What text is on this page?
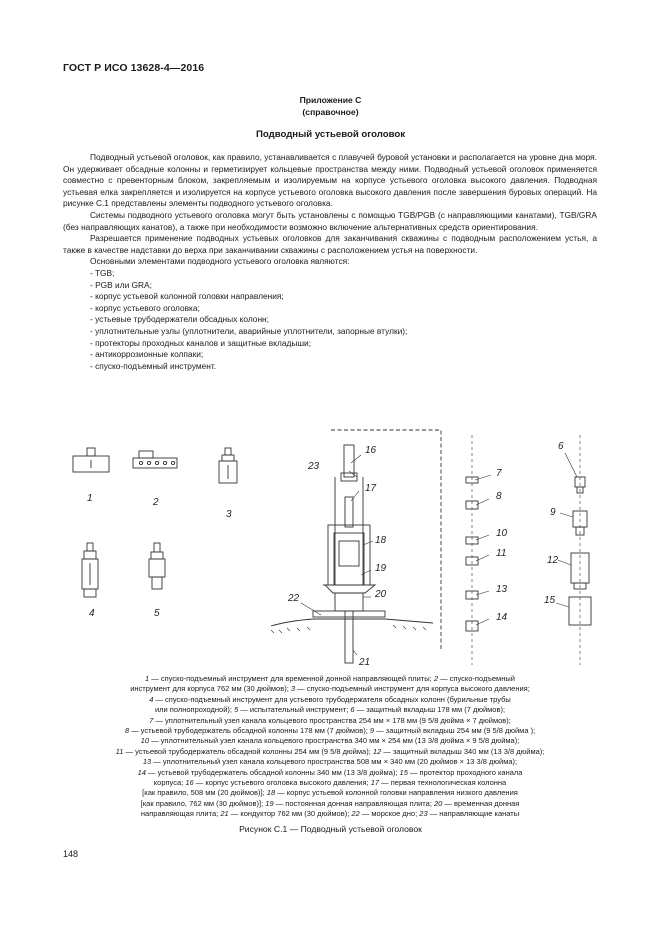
ГОСТ Р ИСО 13628-4—2016
Приложение С
(справочное)
Подводный устьевой оголовок

Подводный устьевой оголовок, как правило, устанавливается с плавучей буровой установки и располагается на уровне дна моря. Он удерживает обсадные колонны и герметизирует кольцевые пространства между ними. Подводный устьевой оголовок применяется совместно с превенторным блоком, закрепляемым и изолируемым на корпусе устьевого оголовка высокого давления. Подводная устьевая елка закрепляется и изолируется на корпусе устьевого оголовка высокого давления после завершения буровых операций. На рисунке С.1 представлены элементы подводного устьевого оголовка.

Системы подводного устьевого оголовка могут быть установлены с помощью TGB/PGB (с направляющими канатами), TGB/GRA (без направляющих канатов), а также при необходимости возможно включение альтернативных средств ориентирования.

Разрешается применение подводных устьевых оголовков для заканчивания скважины с подводным расположением устья, а также в качестве надставки до верха при заканчивании скважины с расположением устья на поверхности.

Основными элементами подводного устьевого оголовка являются:

- TGB;
- PGB или GRA;
- корпус устьевой колонной головки направления;
- корпус устьевого оголовка;
- устьевые трубодержатели обсадных колонн;
- уплотнительные узлы (уплотнители, аварийные уплотнители, запорные втулки);
- протекторы проходных каналов и защитные вкладыши;
- антикоррозионные колпаки;
- спуско-подъемный инструмент.
1	2
3
4	5
6
7
8
9
10
11
12
13
14
15
16
17
18
19
20
21
22
23
1 — спуско-подъемный инструмент для временной донной направляющей плиты; 2 — спуско-подъемный
инструмент для корпуса 762 мм (30 дюймов); 3 — спуско-подъемный инструмент для корпуса высокого давления;
4 — спуско-подъемный инструмент для устьевого трубодержателя обсадных колонн (бурильные трубы
или полнопроходной); 5 — испытательный инструмент; 6 — защитный вкладыш 178 мм (7 дюймов);
7 — уплотнительный узел канала кольцевого пространства 254 мм × 178 мм (9 5/8 дюйма × 7 дюймов);
8 — устьевой трубодержатель обсадной колонны 178 мм (7 дюймов); 9 — защитный вкладыш 254 мм (9 5/8 дюйма );
10 — уплотнительный узел канала кольцевого пространства 340 мм × 254 мм (13 3/8 дюйма × 9 5/8 дюйма);
11 — устьевой трубодержатель обсадной колонны 254 мм (9 5/8 дюйма); 12 — защитный вкладыш 340 мм (13 3/8 дюйма);
13 — уплотнительный узел канала кольцевого пространства 508 мм × 340 мм (20 дюймов × 13 3/8 дюйма);
14 — устьевой трубодержатель обсадной колонны 340 мм (13 3/8 дюйма); 15 — протектор проходного канала
корпуса; 16 — корпус устьевого оголовка высокого давления; 17 — первая технологическая колонна
[как правило, 508 мм (20 дюймов)]; 18 — корпус устьевой колонной головки направления низкого давления
[как правило, 762 мм (30 дюймов)]; 19 — постоянная донная направляющая плита; 20 — временная донная
направляющая плита; 21 — кондуктор 762 мм (30 дюймов); 22 — морское дно; 23 — направляющие канаты
Рисунок С.1 — Подводный устьевой оголовок
148
